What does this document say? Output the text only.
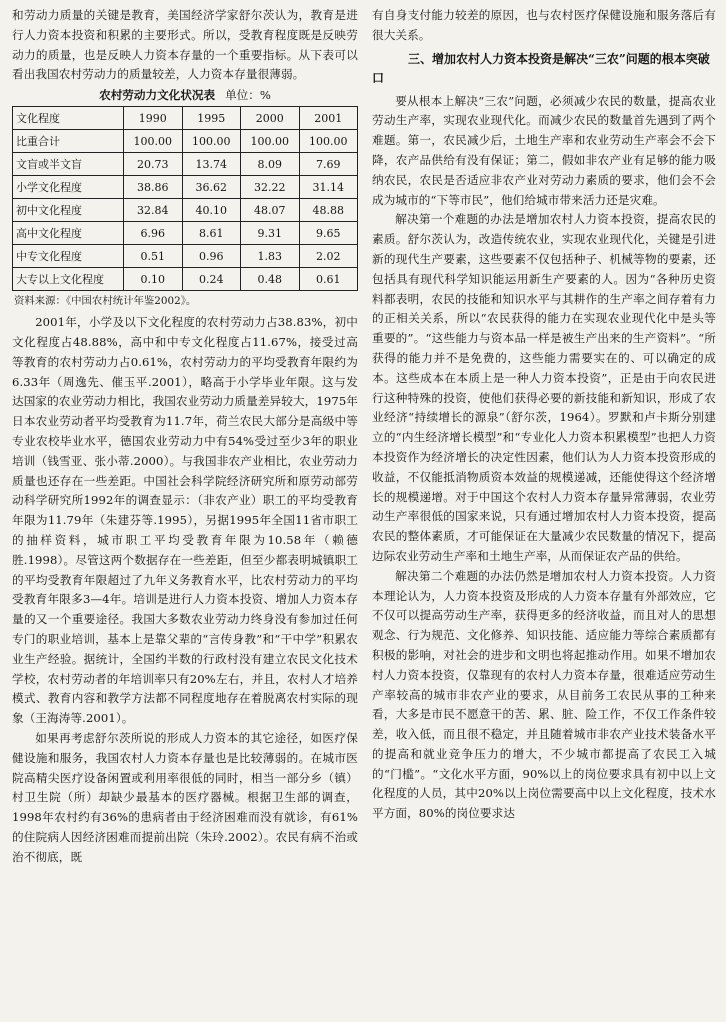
和劳动力质量的关键是教育，美国经济学家舒尔茨认为，教育是进行人力资本投资和积累的主要形式。所以，受教育程度既是反映劳动力的质量，也是反映人力资本存量的一个重要指标。从下表可以看出我国农村劳动力的质量较差，人力资本存量很薄弱。

农村劳动力文化状况表 单位：%
文化程度	1990	1995	2000	2001
比重合计	100.00	100.00	100.00	100.00
文盲或半文盲	20.73	13.74	8.09	7.69
小学文化程度	38.86	36.62	32.22	31.14
初中文化程度	32.84	40.10	48.07	48.88
高中文化程度	6.96	8.61	9.31	9.65
中专文化程度	0.51	0.96	1.83	2.02
大专以上文化程度	0.10	0.24	0.48	0.61
资料来源：《中国农村统计年鉴2002》。

2001年，小学及以下文化程度的农村劳动力占38.83%，初中文化程度占48.88%，高中和中专文化程度占11.67%，接受过高等教育的农村劳动力占0.61%，农村劳动力的平均受教育年限约为6.33年（周逸先、催玉平.2001），略高于小学毕业年限。这与发达国家的农业劳动力相比，我国农业劳动力质量差异较大，1975年日本农业劳动者平均受教育为11.7年，荷兰农民大部分是高级中等专业农校毕业水平，德国农业劳动力中有54%受过至少3年的职业培训（钱雪亚、张小蒂.2000）。与我国非农产业相比，农业劳动力质量也还存在一些差距。中国社会科学院经济研究所和原劳动部劳动科学研究所1992年的调查显示：（非农产业）职工的平均受教育年限为11.79年（朱建芬等.1995），另据1995年全国11省市职工的抽样资料，城市职工平均受教育年限为10.58年（赖德胜.1998）。尽管这两个数据存在一些差距，但至少都表明城镇职工的平均受教育年限超过了九年义务教育水平，比农村劳动力的平均受教育年限多3—4年。培训是进行人力资本投资、增加人力资本存量的又一个重要途径。我国大多数农业劳动力终身没有参加过任何专门的职业培训，基本上是靠父辈的“言传身教”和“干中学”积累农业生产经验。据统计，全国约半数的行政村没有建立农民文化技术学校，农村劳动者的年培训率只有20%左右，并且，农村人才培养模式、教育内容和教学方法都不同程度地存在着脱离农村实际的现象（王海涛等.2001）。

如果再考虑舒尔茨所说的形成人力资本的其它途径，如医疗保健设施和服务，我国农村人力资本存量也是比较薄弱的。在城市医院高精尖医疗设备闲置或利用率很低的同时，相当一部分乡（镇）村卫生院（所）却缺少最基本的医疗器械。根据卫生部的调查，1998年农村约有36%的患病者由于经济困难而没有就诊，有61%的住院病人因经济困难而提前出院（朱玲.2002）。农民有病不治或治不彻底，既

有自身支付能力较差的原因，也与农村医疗保健设施和服务落后有很大关系。

三、增加农村人力资本投资是解决“三农”问题的根本突破口

要从根本上解决“三农”问题，必须减少农民的数量，提高农业劳动生产率，实现农业现代化。而减少农民的数量首先遇到了两个难题。第一，农民减少后，土地生产率和农业劳动生产率会不会下降，农产品供给有没有保证；第二，假如非农产业有足够的能力吸纳农民，农民是否适应非农产业对劳动力素质的要求，他们会不会成为城市的“下等市民”，他们给城市带来活力还是灾难。

解决第一个难题的办法是增加农村人力资本投资，提高农民的素质。舒尔茨认为，改造传统农业，实现农业现代化，关键是引进新的现代生产要素，这些要素不仅包括种子、机械等物的要素，还包括具有现代科学知识能运用新生产要素的人。因为“各种历史资料都表明，农民的技能和知识水平与其耕作的生产率之间存着有力的正相关关系，所以“农民获得的能力在实现农业现代化中是头等重要的”。“这些能力与资本品一样是被生产出来的生产资料”。“所获得的能力并不是免费的，这些能力需要实在的、可以确定的成本。这些成本在本质上是一种人力资本投资”，正是由于向农民进行这种特殊的投资，使他们获得必要的新技能和新知识，形成了农业经济“持续增长的源泉”（舒尔茨，1964）。罗默和卢卡斯分别建立的“内生经济增长模型”和“专业化人力资本积累模型”也把人力资本投资作为经济增长的决定性因素，他们认为人力资本投资形成的收益，不仅能抵消物质资本效益的规模递减，还能使得这个经济增长的规模递增。对于中国这个农村人力资本存量异常薄弱，农业劳动生产率很低的国家来说，只有通过增加农村人力资本投资，提高农民的整体素质，才可能保证在大量减少农民数量的情况下，提高边际农业劳动生产率和土地生产率，从而保证农产品的供给。

解决第二个难题的办法仍然是增加农村人力资本投资。人力资本理论认为，人力资本投资及形成的人力资本存量有外部效应，它不仅可以提高劳动生产率，获得更多的经济收益，而且对人的思想观念、行为规范、文化修养、知识技能、适应能力等综合素质都有积极的影响，对社会的进步和文明也将起推动作用。如果不增加农村人力资本投资，仅靠现有的农村人力资本存量，很难适应劳动生产率较高的城市非农产业的要求，从目前务工农民从事的工种来看，大多是市民不愿意干的苦、累、脏、险工作，不仅工作条件较差，收入低，而且很不稳定，并且随着城市非农产业技术装备水平的提高和就业竞争压力的增大，不少城市都提高了农民工入城的“门槛”。“文化水平方面，90%以上的岗位要求具有初中以上文化程度的人员，其中20%以上岗位需要高中以上文化程度，技术水平方面，80%的岗位要求达
